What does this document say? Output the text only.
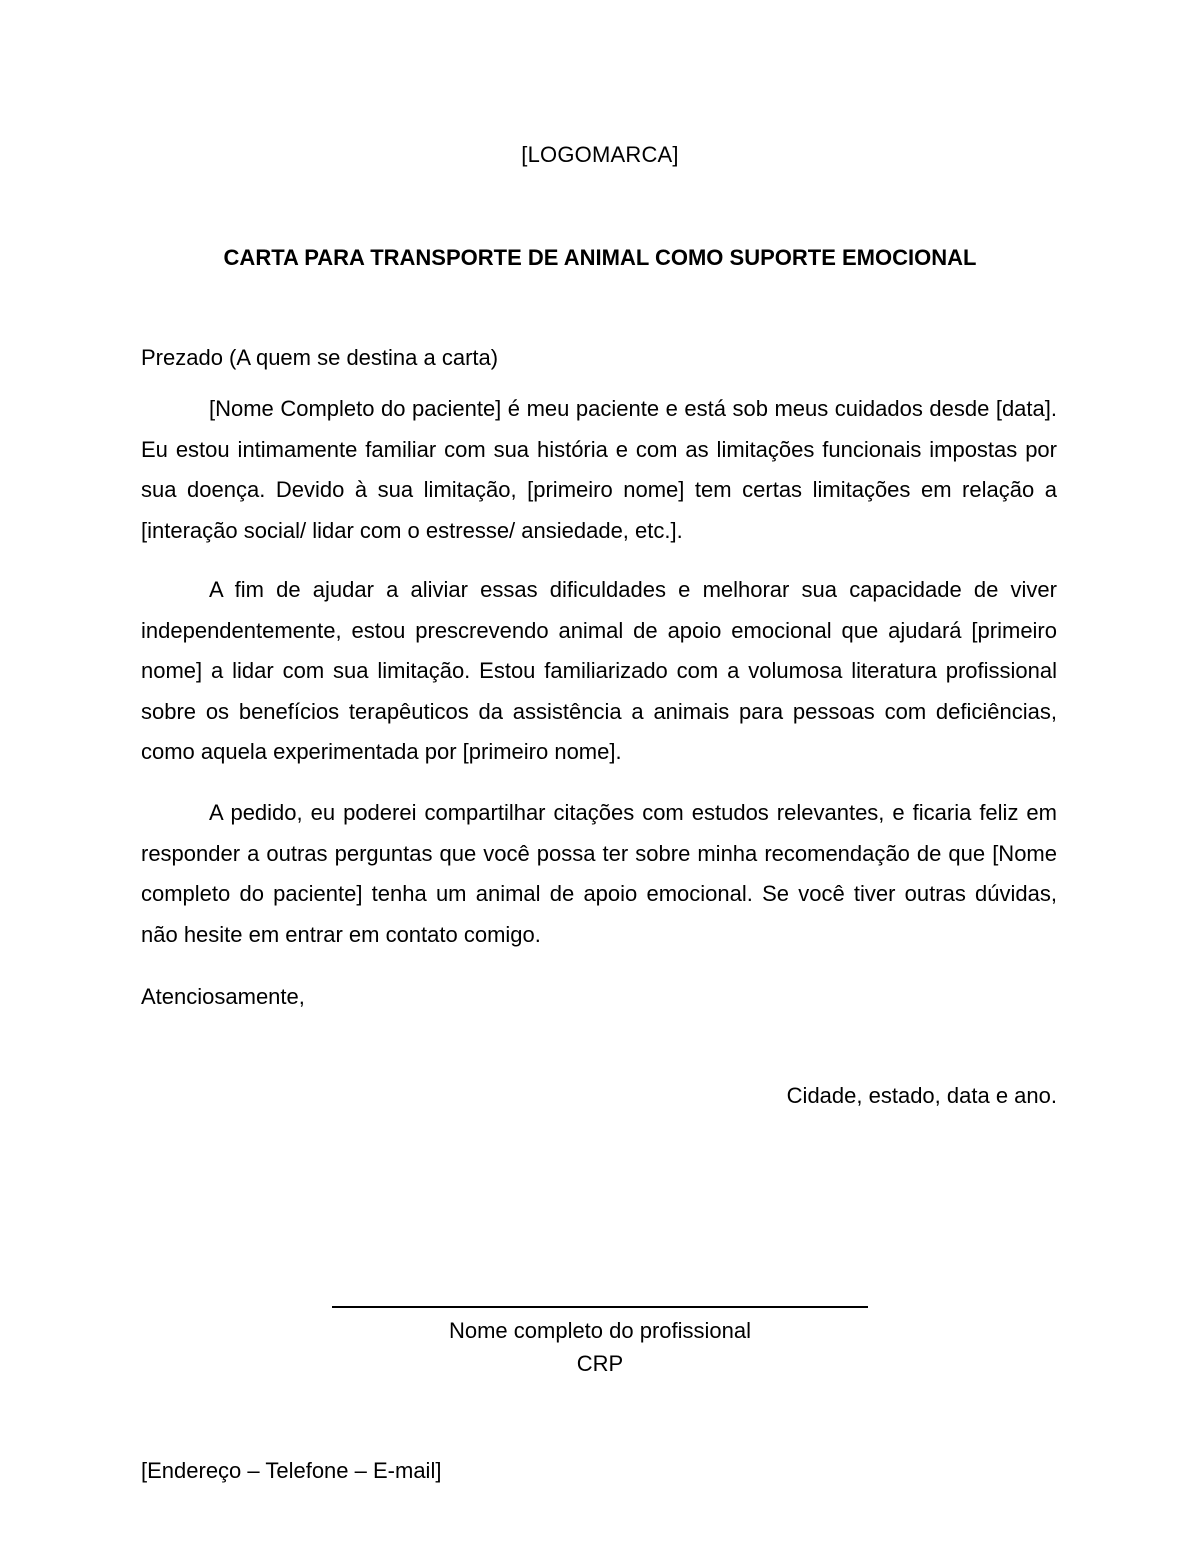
[LOGOMARCA]
CARTA PARA TRANSPORTE DE ANIMAL COMO SUPORTE EMOCIONAL
Prezado (A quem se destina a carta)

[Nome Completo do paciente] é meu paciente e está sob meus cuidados desde [data]. Eu estou intimamente familiar com sua história e com as limitações funcionais impostas por sua doença. Devido à sua limitação, [primeiro nome] tem certas limitações em relação a [interação social/ lidar com o estresse/ ansiedade, etc.].

A fim de ajudar a aliviar essas dificuldades e melhorar sua capacidade de viver independentemente, estou prescrevendo animal de apoio emocional que ajudará [primeiro nome] a lidar com sua limitação. Estou familiarizado com a volumosa literatura profissional sobre os benefícios terapêuticos da assistência a animais para pessoas com deficiências, como aquela experimentada por [primeiro nome].

A pedido, eu poderei compartilhar citações com estudos relevantes, e ficaria feliz em responder a outras perguntas que você possa ter sobre minha recomendação de que [Nome completo do paciente] tenha um animal de apoio emocional. Se você tiver outras dúvidas, não hesite em entrar em contato comigo.

Atenciosamente,
Cidade, estado, data e ano.
Nome completo do profissional
CRP
[Endereço – Telefone – E-mail]
